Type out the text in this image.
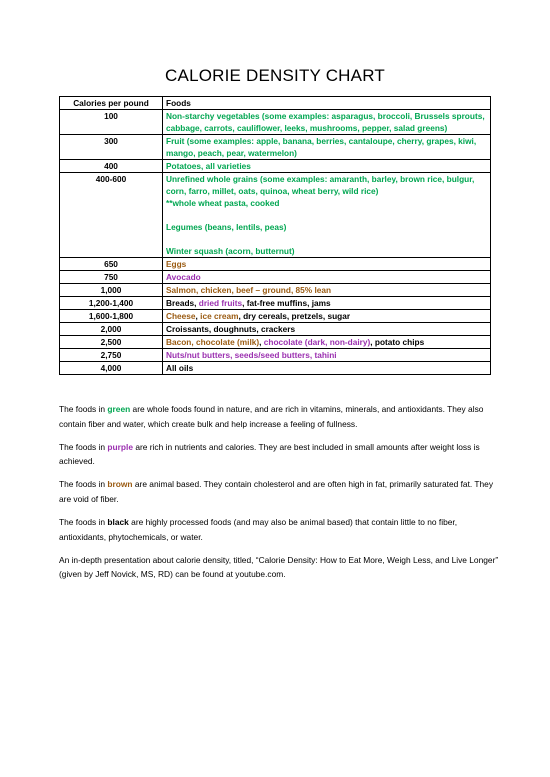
CALORIE DENSITY CHART
Calories per pound	Foods
100	Non-starchy vegetables (some examples: asparagus, broccoli, Brussels sprouts, cabbage, carrots, cauliflower, leeks, mushrooms, pepper, salad greens)
300	Fruit (some examples: apple, banana, berries, cantaloupe, cherry, grapes, kiwi, mango, peach, pear, watermelon)
400	Potatoes, all varieties
400-600	Unrefined whole grains (some examples: amaranth, barley, brown rice, bulgur, corn, farro, millet, oats, quinoa, wheat berry, wild rice)
**whole wheat pasta, cooked
Legumes (beans, lentils, peas)
Winter squash (acorn, butternut)

650	Eggs
750	Avocado
1,000	Salmon, chicken, beef – ground, 85% lean
1,200-1,400	Breads, dried fruits, fat-free muffins, jams
1,600-1,800	Cheese, ice cream, dry cereals, pretzels, sugar
2,000	Croissants, doughnuts, crackers
2,500	Bacon, chocolate (milk), chocolate (dark, non-dairy), potato chips
2,750	Nuts/nut butters, seeds/seed butters, tahini
4,000	All oils

The foods in green are whole foods found in nature, and are rich in vitamins, minerals, and antioxidants. They also contain fiber and water, which create bulk and help increase a feeling of fullness.

The foods in purple are rich in nutrients and calories. They are best included in small amounts after weight loss is achieved.

The foods in brown are animal based. They contain cholesterol and are often high in fat, primarily saturated fat. They are void of fiber.

The foods in black are highly processed foods (and may also be animal based) that contain little to no fiber, antioxidants, phytochemicals, or water.

An in-depth presentation about calorie density, titled, “Calorie Density: How to Eat More, Weigh Less, and Live Longer” (given by Jeff Novick, MS, RD) can be found at youtube.com.
